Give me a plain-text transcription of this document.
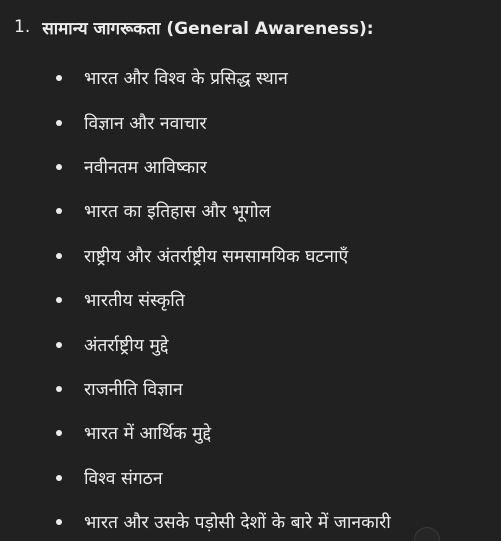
1. सामान्य जागरूकता (General Awareness):
भारत और विश्व के प्रसिद्ध स्थान
विज्ञान और नवाचार
नवीनतम आविष्कार
भारत का इतिहास और भूगोल
राष्ट्रीय और अंतर्राष्ट्रीय समसामयिक घटनाएँ
भारतीय संस्कृति
अंतर्राष्ट्रीय मुद्दे
राजनीति विज्ञान
भारत में आर्थिक मुद्दे
विश्व संगठन
भारत और उसके पड़ोसी देशों के बारे में जानकारी
